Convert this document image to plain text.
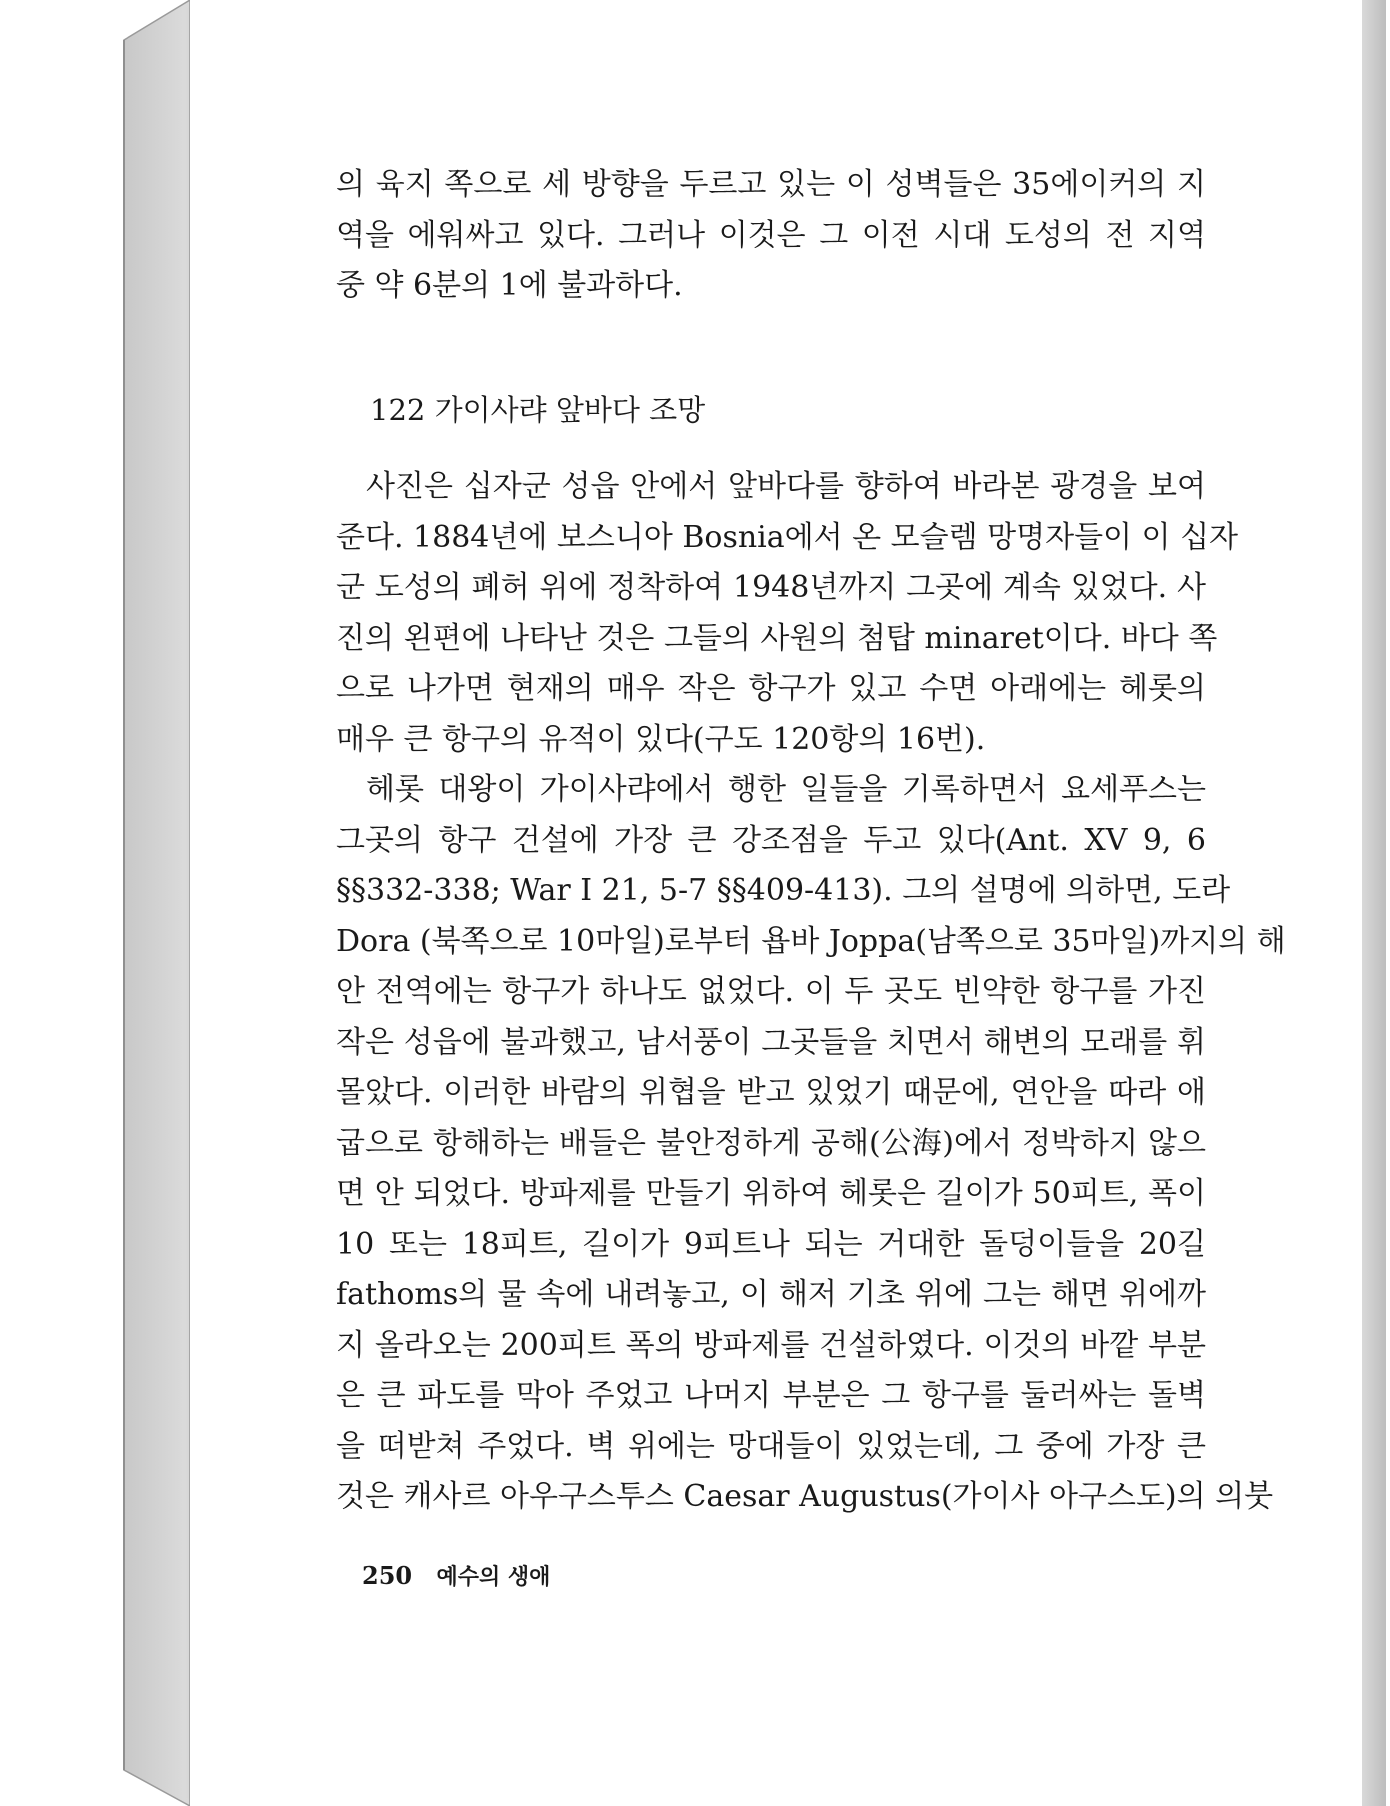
의 육지 쪽으로 세 방향을 두르고 있는 이 성벽들은 35에이커의 지
역을 에워싸고 있다. 그러나 이것은 그 이전 시대 도성의 전 지역
중 약 6분의 1에 불과하다.
122 가이사랴 앞바다 조망
사진은 십자군 성읍 안에서 앞바다를 향하여 바라본 광경을 보여
준다. 1884년에 보스니아 Bosnia에서 온 모슬렘 망명자들이 이 십자
군 도성의 폐허 위에 정착하여 1948년까지 그곳에 계속 있었다. 사
진의 왼편에 나타난 것은 그들의 사원의 첨탑 minaret이다. 바다 쪽
으로 나가면 현재의 매우 작은 항구가 있고 수면 아래에는 헤롯의
매우 큰 항구의 유적이 있다(구도 120항의 16번).
헤롯 대왕이 가이사랴에서 행한 일들을 기록하면서 요세푸스는
그곳의 항구 건설에 가장 큰 강조점을 두고 있다(Ant. XV 9, 6
§§332-338; War I 21, 5-7 §§409-413). 그의 설명에 의하면, 도라
Dora (북쪽으로 10마일)로부터 욥바 Joppa(남쪽으로 35마일)까지의 해
안 전역에는 항구가 하나도 없었다. 이 두 곳도 빈약한 항구를 가진
작은 성읍에 불과했고, 남서풍이 그곳들을 치면서 해변의 모래를 휘
몰았다. 이러한 바람의 위협을 받고 있었기 때문에, 연안을 따라 애
굽으로 항해하는 배들은 불안정하게 공해(公海)에서 정박하지 않으
면 안 되었다. 방파제를 만들기 위하여 헤롯은 길이가 50피트, 폭이
10 또는 18피트, 길이가 9피트나 되는 거대한 돌덩이들을 20길
fathoms의 물 속에 내려놓고, 이 해저 기초 위에 그는 해면 위에까
지 올라오는 200피트 폭의 방파제를 건설하였다. 이것의 바깥 부분
은 큰 파도를 막아 주었고 나머지 부분은 그 항구를 둘러싸는 돌벽
을 떠받쳐 주었다. 벽 위에는 망대들이 있었는데, 그 중에 가장 큰
것은 캐사르 아우구스투스 Caesar Augustus(가이사 아구스도)의 의붓
250 예수의 생애
